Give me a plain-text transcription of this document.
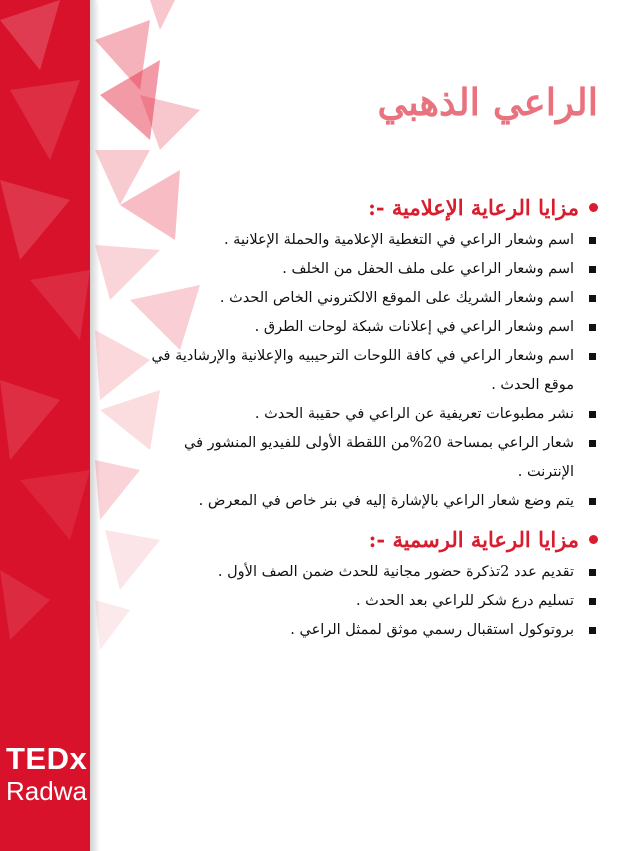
TEDx
Radwa
الراعي الذهبي
مزايا الرعاية الإعلامية -:
اسم وشعار الراعي في التغطية الإعلامية والحملة الإعلانية .
اسم وشعار الراعي على ملف الحفل من الخلف .
اسم وشعار الشريك على الموقع الالكتروني الخاص الحدث .
اسم وشعار الراعي في إعلانات شبكة لوحات الطرق .
اسم وشعار الراعي في كافة اللوحات الترحيبيه والإعلانية والإرشادية في موقع الحدث .
نشر مطبوعات تعريفية عن الراعي في حقيبة الحدث .
شعار الراعي بمساحة 20%من اللقطة الأولى للفيديو المنشور في الإنترنت .
يتم وضع شعار الراعي بالإشارة إليه في بنر خاص في المعرض .
مزايا الرعاية الرسمية -:
تقديم عدد 2تذكرة حضور مجانية للحدث ضمن الصف الأول .
تسليم درع شكر للراعي بعد الحدث .
بروتوكول استقبال رسمي موثق لممثل الراعي .
